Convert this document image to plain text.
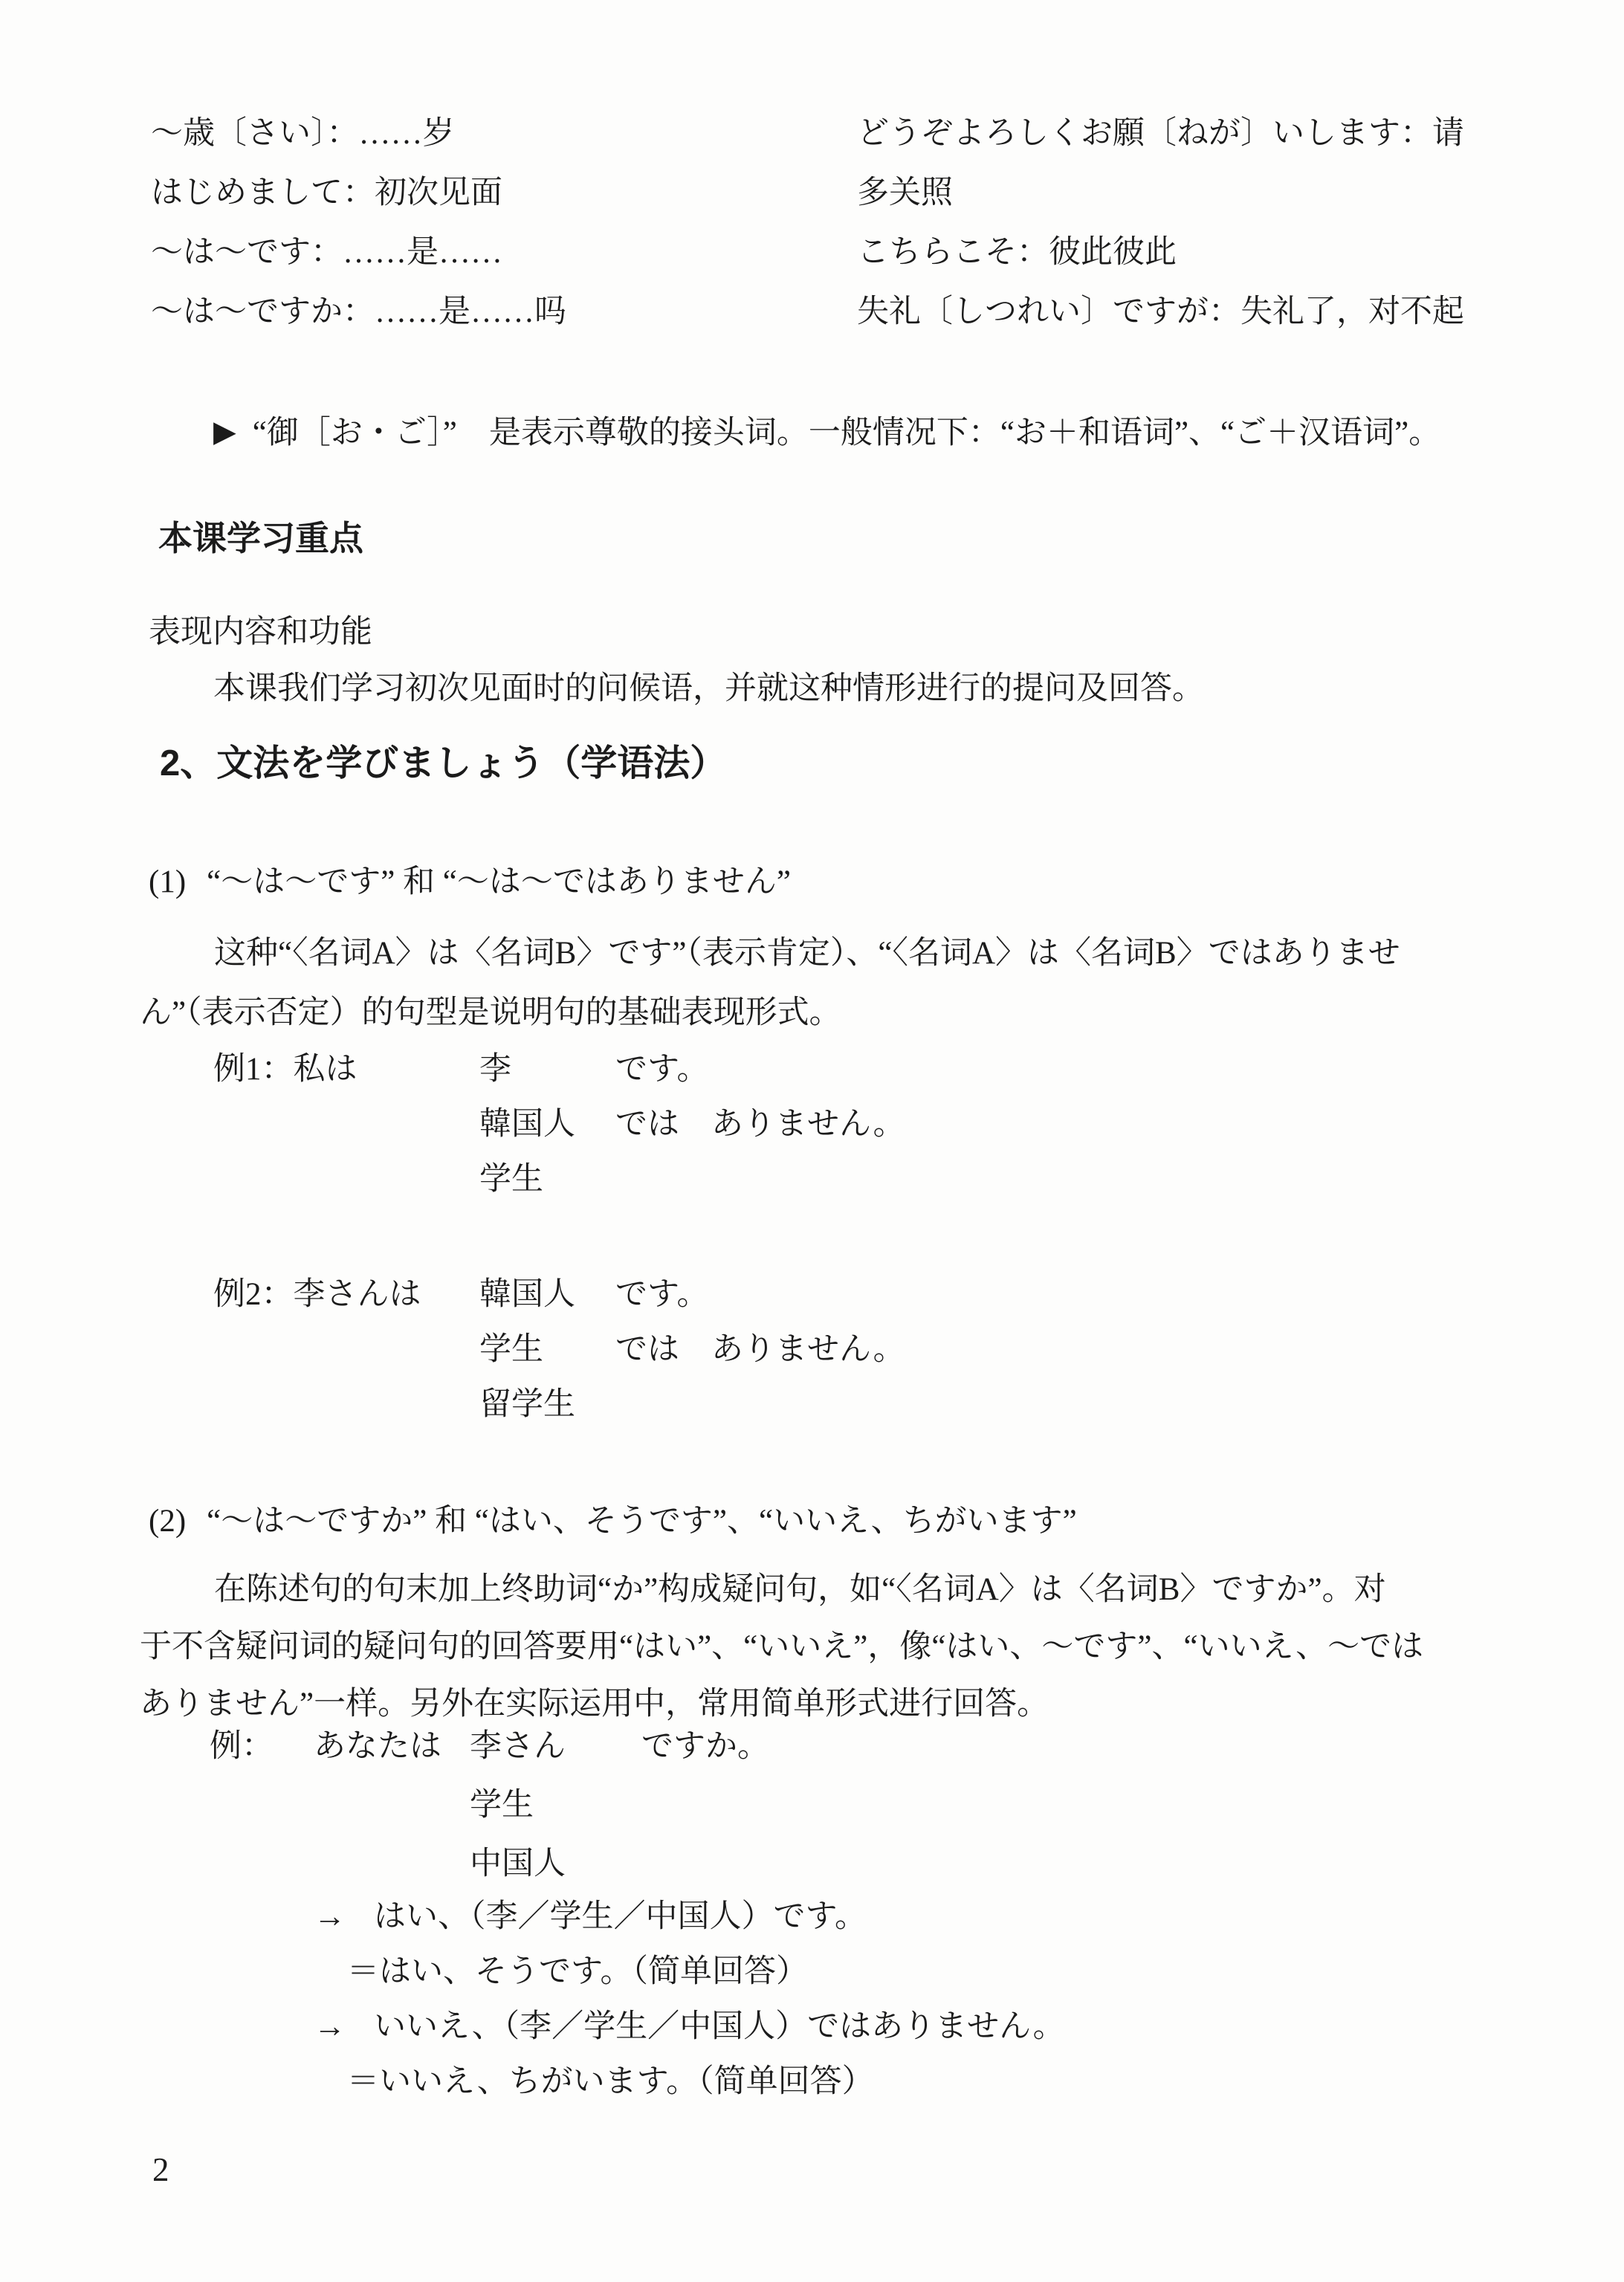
～歳〔さい〕：……岁
はじめまして：初次见面
～は～です：……是……
～は～ですか：……是……吗
どうぞよろしくお願〔ねが〕いします：请
多关照
こちらこそ：彼此彼此
失礼〔しつれい〕ですが：失礼了，对不起
▶ “御［お・ご］”　是表示尊敬的接头词。一般情况下：“お＋和语词”、“ご＋汉语词”。
本课学习重点
表现内容和功能
本课我们学习初次见面时的问候语，并就这种情形进行的提问及回答。
2、文法を学びましょう（学语法）
(1) “～は～です” 和 “～は～ではありません”
这种“〈名词A〉は〈名词B〉です”（表示肯定）、“〈名词A〉は〈名词B〉ではありませ
ん”（表示否定）的句型是说明句的基础表现形式。
例1：私は	李	です。
韓国人 では　ありません。
学生
例2：李さんは 韓国人 です。
学生 では　ありません。
留学生
(2) “～は～ですか” 和 “はい、そうです”、“いいえ、ちがいます”
在陈述句的句末加上终助词“か”构成疑问句，如“〈名词A〉は〈名词B〉ですか”。对
于不含疑问词的疑问句的回答要用“はい”、“いいえ”，像“はい、～です”、“いいえ、～では
ありません”一样。另外在实际运用中，常用简单形式进行回答。
例： あなたは 李さん ですか。
学生
中国人
→ はい、（李／学生／中国人）です。
＝はい、そうです。（简单回答）
→ いいえ、（李／学生／中国人）ではありません。
＝いいえ、ちがいます。（简单回答）
2
